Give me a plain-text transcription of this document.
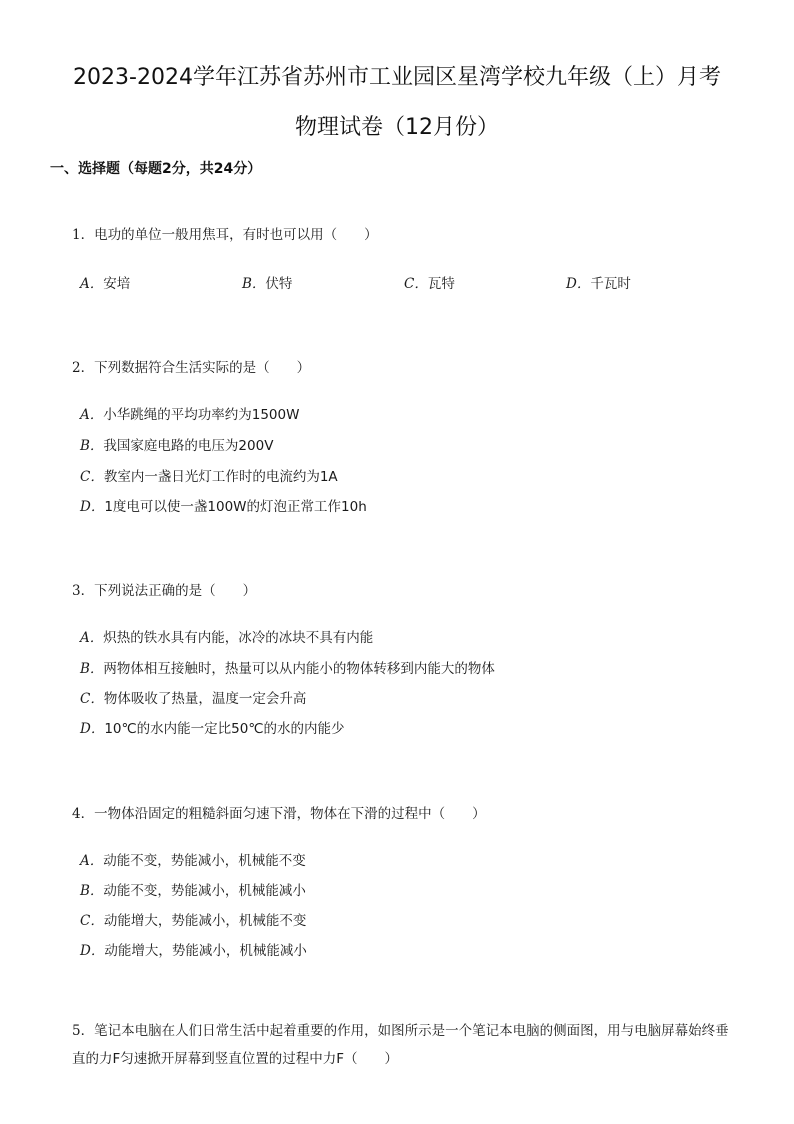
2023-2024学年江苏省苏州市工业园区星湾学校九年级（上）月考
物理试卷（12月份）
一、选择题（每题2分，共24分）
1．电功的单位一般用焦耳，有时也可以用（　　）
A．安培	B．伏特	C．瓦特	D．千瓦时
2．下列数据符合生活实际的是（　　）
A．小华跳绳的平均功率约为1500W
B．我国家庭电路的电压为200V
C．教室内一盏日光灯工作时的电流约为1A
D．1度电可以使一盏100W的灯泡正常工作10h
3．下列说法正确的是（　　）
A．炽热的铁水具有内能，冰冷的冰块不具有内能
B．两物体相互接触时，热量可以从内能小的物体转移到内能大的物体
C．物体吸收了热量，温度一定会升高
D．10℃的水内能一定比50℃的水的内能少
4．一物体沿固定的粗糙斜面匀速下滑，物体在下滑的过程中（　　）
A．动能不变，势能减小，机械能不变
B．动能不变，势能减小，机械能减小
C．动能增大，势能减小，机械能不变
D．动能增大，势能减小，机械能减小
5．笔记本电脑在人们日常生活中起着重要的作用，如图所示是一个笔记本电脑的侧面图，用与电脑屏幕始终垂直的力F匀速掀开屏幕到竖直位置的过程中力F（　　）
